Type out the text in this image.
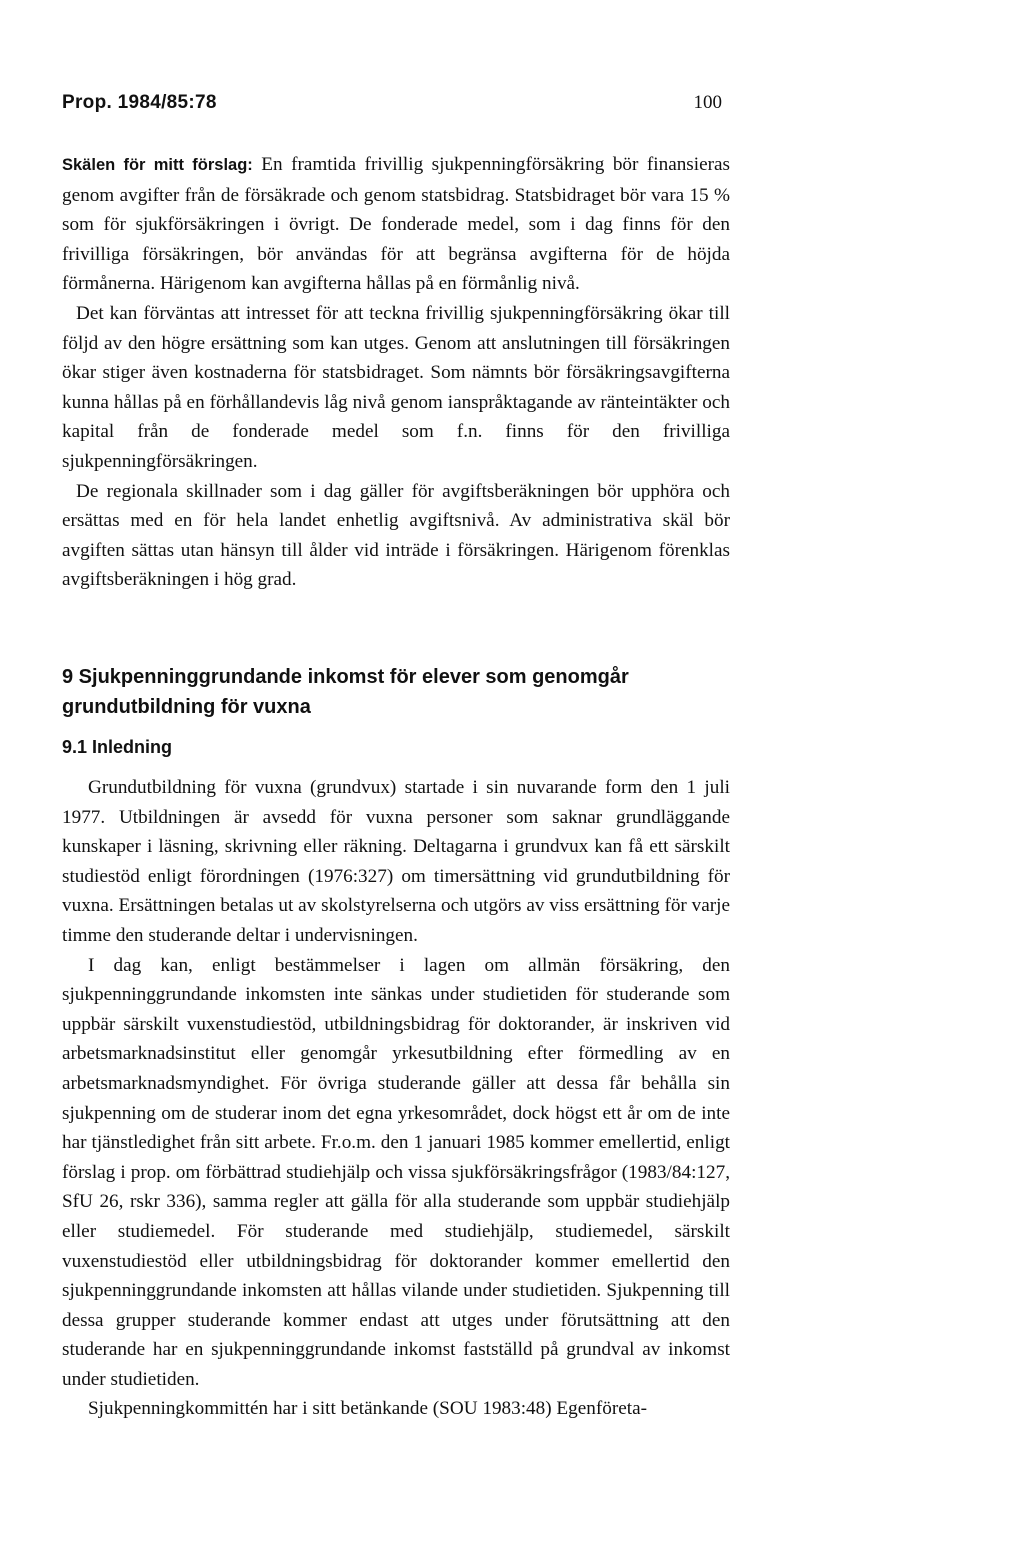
Prop. 1984/85:78	100

Skälen för mitt förslag: En framtida frivillig sjukpenningförsäkring bör finansieras genom avgifter från de försäkrade och genom statsbidrag. Statsbidraget bör vara 15 % som för sjukförsäkringen i övrigt. De fonderade medel, som i dag finns för den frivilliga försäkringen, bör användas för att begränsa avgifterna för de höjda förmånerna. Härigenom kan avgifterna hållas på en förmånlig nivå.

Det kan förväntas att intresset för att teckna frivillig sjukpenningförsäkring ökar till följd av den högre ersättning som kan utges. Genom att anslutningen till försäkringen ökar stiger även kostnaderna för statsbidraget. Som nämnts bör försäkringsavgifterna kunna hållas på en förhållandevis låg nivå genom ianspråktagande av ränteintäkter och kapital från de fonderade medel som f.n. finns för den frivilliga sjukpenningförsäkringen.

De regionala skillnader som i dag gäller för avgiftsberäkningen bör upphöra och ersättas med en för hela landet enhetlig avgiftsnivå. Av administrativa skäl bör avgiften sättas utan hänsyn till ålder vid inträde i försäkringen. Härigenom förenklas avgiftsberäkningen i hög grad.

9 Sjukpenninggrundande inkomst för elever som genomgår grundutbildning för vuxna
9.1 Inledning

Grundutbildning för vuxna (grundvux) startade i sin nuvarande form den 1 juli 1977. Utbildningen är avsedd för vuxna personer som saknar grundläggande kunskaper i läsning, skrivning eller räkning. Deltagarna i grundvux kan få ett särskilt studiestöd enligt förordningen (1976:327) om timersättning vid grundutbildning för vuxna. Ersättningen betalas ut av skolstyrelserna och utgörs av viss ersättning för varje timme den studerande deltar i undervisningen.

I dag kan, enligt bestämmelser i lagen om allmän försäkring, den sjukpenninggrundande inkomsten inte sänkas under studietiden för studerande som uppbär särskilt vuxenstudiestöd, utbildningsbidrag för doktorander, är inskriven vid arbetsmarknadsinstitut eller genomgår yrkesutbildning efter förmedling av en arbetsmarknadsmyndighet. För övriga studerande gäller att dessa får behålla sin sjukpenning om de studerar inom det egna yrkesområdet, dock högst ett år om de inte har tjänstledighet från sitt arbete. Fr.o.m. den 1 januari 1985 kommer emellertid, enligt förslag i prop. om förbättrad studiehjälp och vissa sjukförsäkringsfrågor (1983/84:127, SfU 26, rskr 336), samma regler att gälla för alla studerande som uppbär studiehjälp eller studiemedel. För studerande med studiehjälp, studiemedel, särskilt vuxenstudiestöd eller utbildningsbidrag för doktorander kommer emellertid den sjukpenninggrundande inkomsten att hållas vilande under studietiden. Sjukpenning till dessa grupper studerande kommer endast att utges under förutsättning att den studerande har en sjukpenninggrundande inkomst fastställd på grundval av inkomst under studietiden.

Sjukpenningkommittén har i sitt betänkande (SOU 1983:48) Egenföreta-
